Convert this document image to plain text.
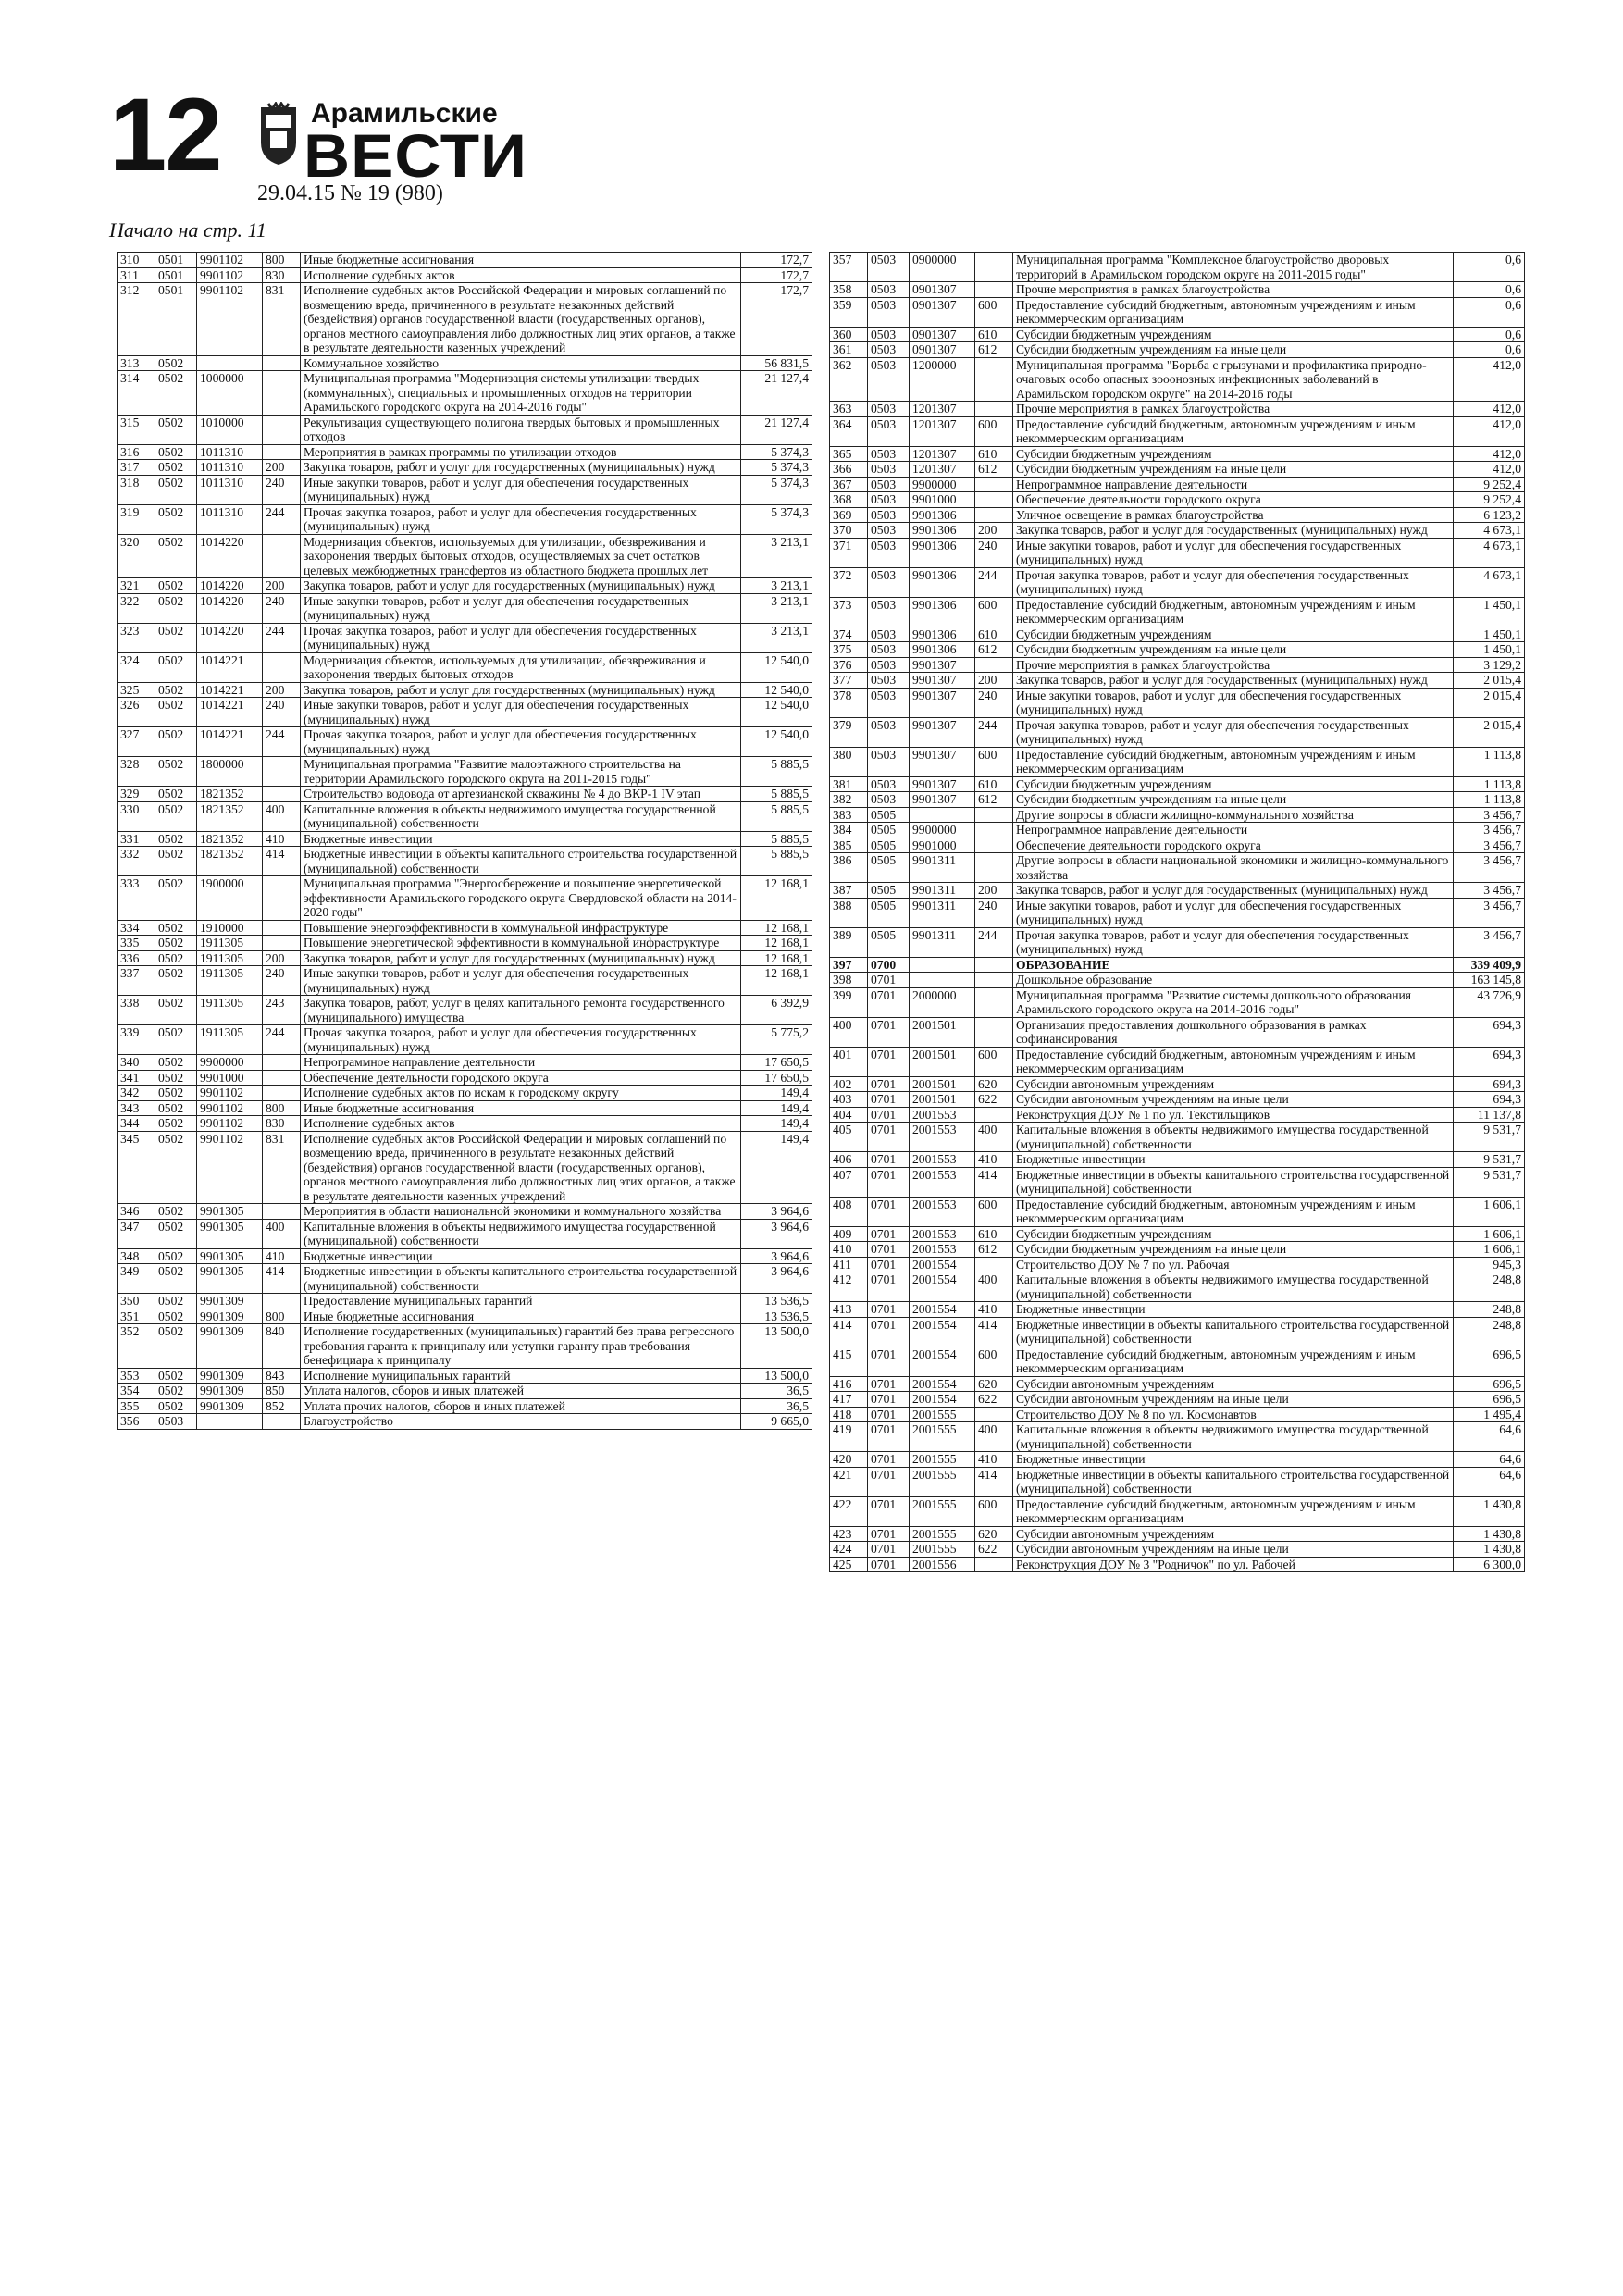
12	Арамильские
ВЕСТИ
29.04.15 № 19 (980)
Начало на стр. 11
310	0501	9901102	800	Иные бюджетные ассигнования	172,7
311	0501	9901102	830	Исполнение судебных актов	172,7
312	0501	9901102	831	Исполнение судебных актов Российской Федерации и мировых соглашений по возмещению вреда, причиненного в результате незаконных действий (бездействия) органов государственной власти (государственных органов), органов местного самоуправления либо должностных лиц этих органов, а также в результате деятельности казенных учреждений	172,7
313	0502			Коммунальное хозяйство	56 831,5
314	0502	1000000		Муниципальная программа "Модернизация системы утилизации твердых (коммунальных), специальных и промышленных отходов на территории Арамильского городского округа на 2014-2016 годы"	21 127,4
315	0502	1010000		Рекультивация существующего полигона твердых бытовых и промышленных отходов	21 127,4
316	0502	1011310		Мероприятия в рамках программы по утилизации отходов	5 374,3
317	0502	1011310	200	Закупка товаров, работ и услуг для государственных (муниципальных) нужд	5 374,3
318	0502	1011310	240	Иные закупки товаров, работ и услуг для обеспечения государственных (муниципальных) нужд	5 374,3
319	0502	1011310	244	Прочая закупка товаров, работ и услуг для обеспечения государственных (муниципальных) нужд	5 374,3
320	0502	1014220		Модернизация объектов, используемых для утилизации, обезвреживания и захоронения твердых бытовых отходов, осуществляемых за счет остатков целевых межбюджетных трансфертов из областного бюджета прошлых лет	3 213,1
321	0502	1014220	200	Закупка товаров, работ и услуг для государственных (муниципальных) нужд	3 213,1
322	0502	1014220	240	Иные закупки товаров, работ и услуг для обеспечения государственных (муниципальных) нужд	3 213,1
323	0502	1014220	244	Прочая закупка товаров, работ и услуг для обеспечения государственных (муниципальных) нужд	3 213,1
324	0502	1014221		Модернизация объектов, используемых для утилизации, обезвреживания и захоронения твердых бытовых отходов	12 540,0
325	0502	1014221	200	Закупка товаров, работ и услуг для государственных (муниципальных) нужд	12 540,0
326	0502	1014221	240	Иные закупки товаров, работ и услуг для обеспечения государственных (муниципальных) нужд	12 540,0
327	0502	1014221	244	Прочая закупка товаров, работ и услуг для обеспечения государственных (муниципальных) нужд	12 540,0
328	0502	1800000		Муниципальная программа "Развитие малоэтажного строительства на территории Арамильского городского округа на 2011-2015 годы"	5 885,5
329	0502	1821352		Строительство водовода от артезианской скважины № 4 до ВКР-1 IV этап	5 885,5
330	0502	1821352	400	Капитальные вложения в объекты недвижимого имущества государственной (муниципальной) собственности	5 885,5
331	0502	1821352	410	Бюджетные инвестиции	5 885,5
332	0502	1821352	414	Бюджетные инвестиции в объекты капитального строительства государственной (муниципальной) собственности	5 885,5
333	0502	1900000		Муниципальная программа "Энергосбережение и повышение энергетической эффективности Арамильского городского округа Свердловской области на 2014-2020 годы"	12 168,1
334	0502	1910000		Повышение энергоэффективности в коммунальной инфраструктуре	12 168,1
335	0502	1911305		Повышение энергетической эффективности в коммунальной инфраструктуре	12 168,1
336	0502	1911305	200	Закупка товаров, работ и услуг для государственных (муниципальных) нужд	12 168,1
337	0502	1911305	240	Иные закупки товаров, работ и услуг для обеспечения государственных (муниципальных) нужд	12 168,1
338	0502	1911305	243	Закупка товаров, работ, услуг в целях капитального ремонта государственного (муниципального) имущества	6 392,9
339	0502	1911305	244	Прочая закупка товаров, работ и услуг для обеспечения государственных (муниципальных) нужд	5 775,2
340	0502	9900000		Непрограммное направление деятельности	17 650,5
341	0502	9901000		Обеспечение деятельности городского округа	17 650,5
342	0502	9901102		Исполнение судебных актов по искам к городскому округу	149,4
343	0502	9901102	800	Иные бюджетные ассигнования	149,4
344	0502	9901102	830	Исполнение судебных актов	149,4
345	0502	9901102	831	Исполнение судебных актов Российской Федерации и мировых соглашений по возмещению вреда, причиненного в результате незаконных действий (бездействия) органов государственной власти (государственных органов), органов местного самоуправления либо должностных лиц этих органов, а также в результате деятельности казенных учреждений	149,4
346	0502	9901305		Мероприятия в области национальной экономики и коммунального хозяйства	3 964,6
347	0502	9901305	400	Капитальные вложения в объекты недвижимого имущества государственной (муниципальной) собственности	3 964,6
348	0502	9901305	410	Бюджетные инвестиции	3 964,6
349	0502	9901305	414	Бюджетные инвестиции в объекты капитального строительства государственной (муниципальной) собственности	3 964,6
350	0502	9901309		Предоставление муниципальных гарантий	13 536,5
351	0502	9901309	800	Иные бюджетные ассигнования	13 536,5
352	0502	9901309	840	Исполнение государственных (муниципальных) гарантий без права регрессного требования гаранта к принципалу или уступки гаранту прав требования бенефициара к принципалу	13 500,0
353	0502	9901309	843	Исполнение муниципальных гарантий	13 500,0
354	0502	9901309	850	Уплата налогов, сборов и иных платежей	36,5
355	0502	9901309	852	Уплата прочих налогов, сборов и иных платежей	36,5
356	0503			Благоустройство	9 665,0
357	0503	0900000		Муниципальная программа "Комплексное благоустройство дворовых территорий в Арамильском городском округе на 2011-2015 годы"	0,6
358	0503	0901307		Прочие мероприятия в рамках благоустройства	0,6
359	0503	0901307	600	Предоставление субсидий бюджетным, автономным учреждениям и иным некоммерческим организациям	0,6
360	0503	0901307	610	Субсидии бюджетным учреждениям	0,6
361	0503	0901307	612	Субсидии бюджетным учреждениям на иные цели	0,6
362	0503	1200000		Муниципальная программа "Борьба с грызунами и профилактика природно-очаговых особо опасных зооонозных инфекционных заболеваний в Арамильском городском округе" на 2014-2016 годы	412,0
363	0503	1201307		Прочие мероприятия в рамках благоустройства	412,0
364	0503	1201307	600	Предоставление субсидий бюджетным, автономным учреждениям и иным некоммерческим организациям	412,0
365	0503	1201307	610	Субсидии бюджетным учреждениям	412,0
366	0503	1201307	612	Субсидии бюджетным учреждениям на иные цели	412,0
367	0503	9900000		Непрограммное направление деятельности	9 252,4
368	0503	9901000		Обеспечение деятельности городского округа	9 252,4
369	0503	9901306		Уличное освещение в рамках благоустройства	6 123,2
370	0503	9901306	200	Закупка товаров, работ и услуг для государственных (муниципальных) нужд	4 673,1
371	0503	9901306	240	Иные закупки товаров, работ и услуг для обеспечения государственных (муниципальных) нужд	4 673,1
372	0503	9901306	244	Прочая закупка товаров, работ и услуг для обеспечения государственных (муниципальных) нужд	4 673,1
373	0503	9901306	600	Предоставление субсидий бюджетным, автономным учреждениям и иным некоммерческим организациям	1 450,1
374	0503	9901306	610	Субсидии бюджетным учреждениям	1 450,1
375	0503	9901306	612	Субсидии бюджетным учреждениям на иные цели	1 450,1
376	0503	9901307		Прочие мероприятия в рамках благоустройства	3 129,2
377	0503	9901307	200	Закупка товаров, работ и услуг для государственных (муниципальных) нужд	2 015,4
378	0503	9901307	240	Иные закупки товаров, работ и услуг для обеспечения государственных (муниципальных) нужд	2 015,4
379	0503	9901307	244	Прочая закупка товаров, работ и услуг для обеспечения государственных (муниципальных) нужд	2 015,4
380	0503	9901307	600	Предоставление субсидий бюджетным, автономным учреждениям и иным некоммерческим организациям	1 113,8
381	0503	9901307	610	Субсидии бюджетным учреждениям	1 113,8
382	0503	9901307	612	Субсидии бюджетным учреждениям на иные цели	1 113,8
383	0505			Другие вопросы в области жилищно-коммунального хозяйства	3 456,7
384	0505	9900000		Непрограммное направление деятельности	3 456,7
385	0505	9901000		Обеспечение деятельности городского округа	3 456,7
386	0505	9901311		Другие вопросы в области национальной экономики и жилищно-коммунального хозяйства	3 456,7
387	0505	9901311	200	Закупка товаров, работ и услуг для государственных (муниципальных) нужд	3 456,7
388	0505	9901311	240	Иные закупки товаров, работ и услуг для обеспечения государственных (муниципальных) нужд	3 456,7
389	0505	9901311	244	Прочая закупка товаров, работ и услуг для обеспечения государственных (муниципальных) нужд	3 456,7
397	0700			ОБРАЗОВАНИЕ	339 409,9
398	0701			Дошкольное образование	163 145,8
399	0701	2000000		Муниципальная программа "Развитие системы дошкольного образования Арамильского городского округа на 2014-2016 годы"	43 726,9
400	0701	2001501		Организация предоставления дошкольного образования в рамках софинансирования	694,3
401	0701	2001501	600	Предоставление субсидий бюджетным, автономным учреждениям и иным некоммерческим организациям	694,3
402	0701	2001501	620	Субсидии автономным учреждениям	694,3
403	0701	2001501	622	Субсидии автономным учреждениям на иные цели	694,3
404	0701	2001553		Реконструкция ДОУ № 1 по ул. Текстильщиков	11 137,8
405	0701	2001553	400	Капитальные вложения в объекты недвижимого имущества государственной (муниципальной) собственности	9 531,7
406	0701	2001553	410	Бюджетные инвестиции	9 531,7
407	0701	2001553	414	Бюджетные инвестиции в объекты капитального строительства государственной (муниципальной) собственности	9 531,7
408	0701	2001553	600	Предоставление субсидий бюджетным, автономным учреждениям и иным некоммерческим организациям	1 606,1
409	0701	2001553	610	Субсидии бюджетным учреждениям	1 606,1
410	0701	2001553	612	Субсидии бюджетным учреждениям на иные цели	1 606,1
411	0701	2001554		Строительство ДОУ № 7 по ул. Рабочая	945,3
412	0701	2001554	400	Капитальные вложения в объекты недвижимого имущества государственной (муниципальной) собственности	248,8
413	0701	2001554	410	Бюджетные инвестиции	248,8
414	0701	2001554	414	Бюджетные инвестиции в объекты капитального строительства государственной (муниципальной) собственности	248,8
415	0701	2001554	600	Предоставление субсидий бюджетным, автономным учреждениям и иным некоммерческим организациям	696,5
416	0701	2001554	620	Субсидии автономным учреждениям	696,5
417	0701	2001554	622	Субсидии автономным учреждениям на иные цели	696,5
418	0701	2001555		Строительство ДОУ № 8 по ул. Космонавтов	1 495,4
419	0701	2001555	400	Капитальные вложения в объекты недвижимого имущества государственной (муниципальной) собственности	64,6
420	0701	2001555	410	Бюджетные инвестиции	64,6
421	0701	2001555	414	Бюджетные инвестиции в объекты капитального строительства государственной (муниципальной) собственности	64,6
422	0701	2001555	600	Предоставление субсидий бюджетным, автономным учреждениям и иным некоммерческим организациям	1 430,8
423	0701	2001555	620	Субсидии автономным учреждениям	1 430,8
424	0701	2001555	622	Субсидии автономным учреждениям на иные цели	1 430,8
425	0701	2001556		Реконструкция ДОУ № 3 "Родничок" по ул. Рабочей	6 300,0
